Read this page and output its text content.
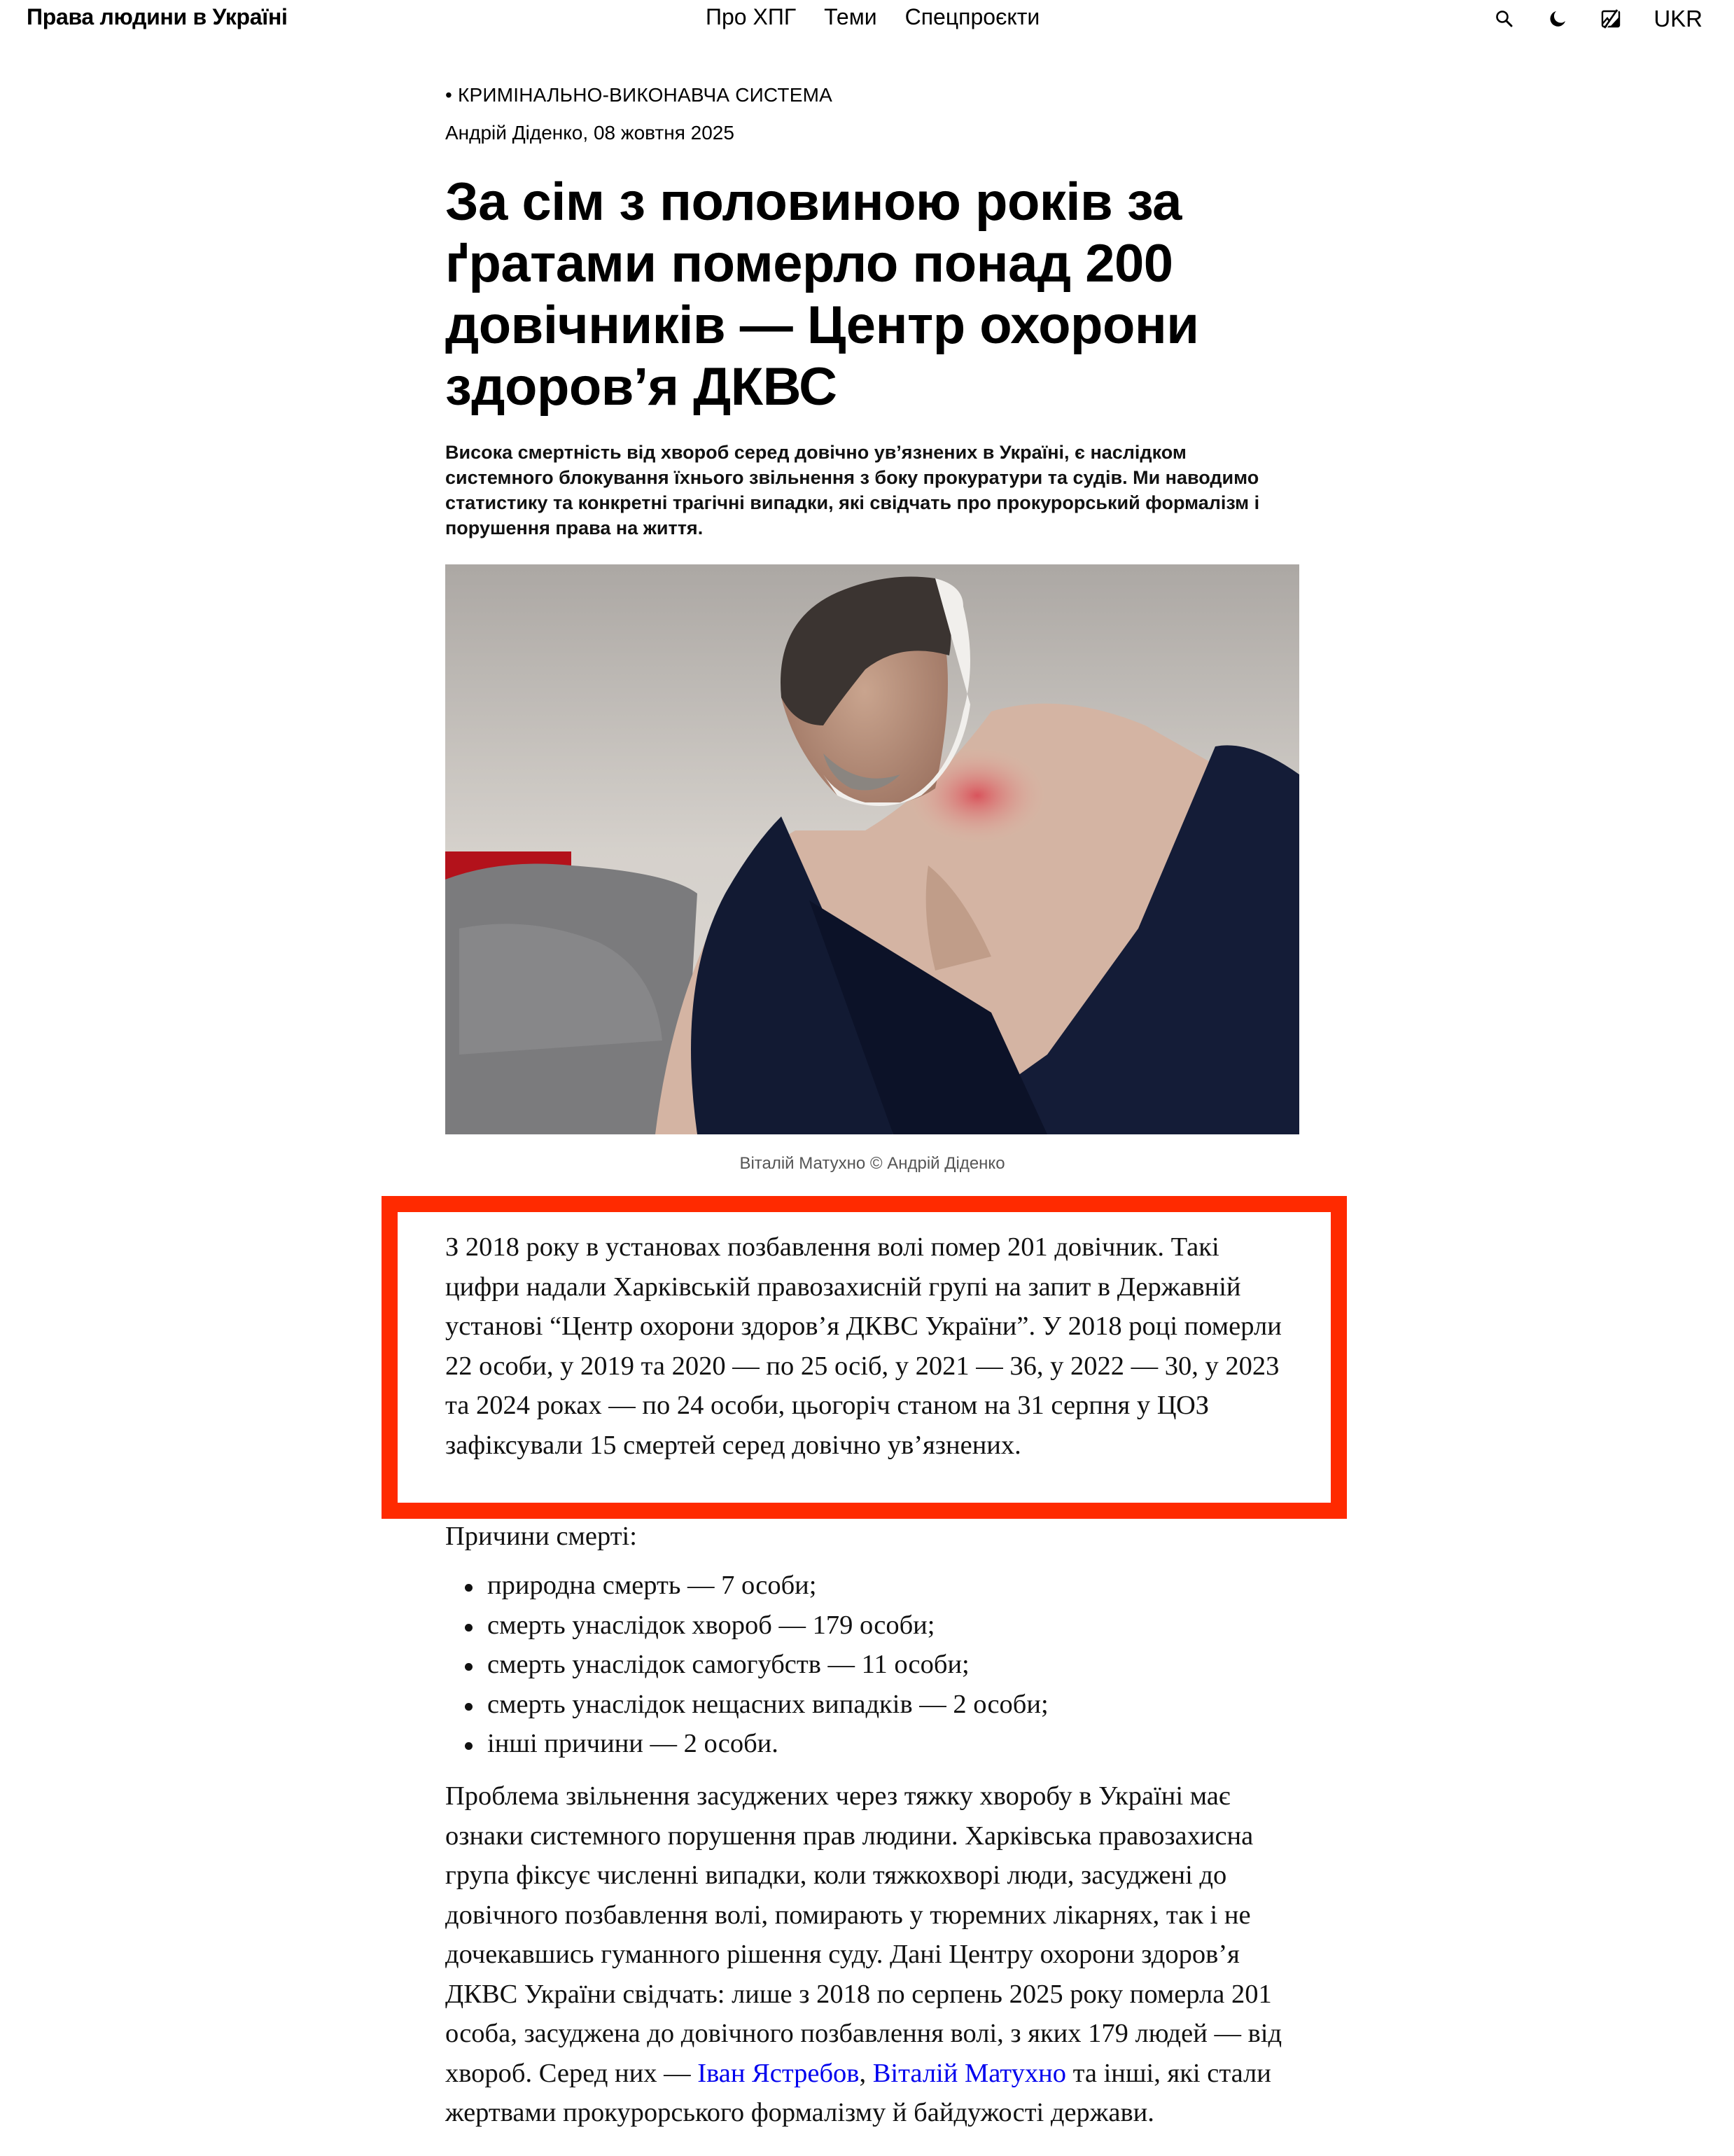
Права людини в Україні	Про ХПГ Теми Спецпроєкти	UKR
• КРИМІНАЛЬНО-ВИКОНАВЧА СИСТЕМА
Андрій Діденко, 08 жовтня 2025
За сім з половиною років за ґратами померло понад 200 довічників — Центр охорони здоров’я ДКВС

Висока смертність від хвороб серед довічно ув’язнених в Україні, є наслідком системного блокування їхнього звільнення з боку прокуратури та судів. Ми наводимо статистику та конкретні трагічні випадки, які свідчать про прокурорський формалізм і порушення права на життя.

Віталій Матухно © Андрій Діденко

З 2018 року в установах позбавлення волі помер 201 довічник. Такі цифри надали Харківській правозахисній групі на запит в Державній установі “Центр охорони здоров’я ДКВС України”. У 2018 році померли 22 особи, у 2019 та 2020 — по 25 осіб, у 2021 — 36, у 2022 — 30, у 2023 та 2024 роках — по 24 особи, цьогоріч станом на 31 серпня у ЦОЗ зафіксували 15 смертей серед довічно ув’язнених.

Причини смерті:

природна смерть — 7 особи;
смерть унаслідок хвороб — 179 особи;
смерть унаслідок самогубств — 11 особи;
смерть унаслідок нещасних випадків — 2 особи;
інші причини — 2 особи.

Проблема звільнення засуджених через тяжку хворобу в Україні має ознаки системного порушення прав людини. Харківська правозахисна група фіксує численні випадки, коли тяжкохворі люди, засуджені до довічного позбавлення волі, помирають у тюремних лікарнях, так і не дочекавшись гуманного рішення суду. Дані Центру охорони здоров’я ДКВС України свідчать: лише з 2018 по серпень 2025 року померла 201 особа, засуджена до довічного позбавлення волі, з яких 179 людей — від хвороб. Серед них — Іван Ястребов, Віталій Матухно та інші, які стали жертвами прокурорського формалізму й байдужості держави.
